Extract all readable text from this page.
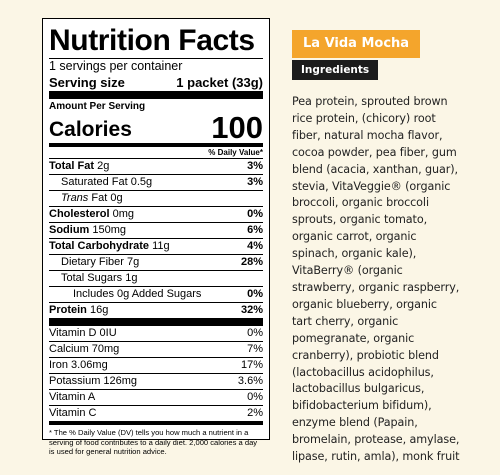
Nutrition Facts
1 servings per container
Serving size	1 packet (33g)
Amount Per Serving
Calories	100
% Daily Value*
Total Fat 2g	3%
Saturated Fat 0.5g	3%
Trans Fat 0g
Cholesterol 0mg	0%
Sodium 150mg	6%
Total Carbohydrate 11g	4%
Dietary Fiber 7g	28%
Total Sugars 1g
Includes 0g Added Sugars	0%
Protein 16g	32%
Vitamin D 0IU	0%
Calcium 70mg	7%
Iron 3.06mg	17%
Potassium 126mg	3.6%
Vitamin A	0%
Vitamin C	2%
* The % Daily Value (DV) tells you how much a nutrient in a serving of food contributes to a daily diet. 2,000 calories a day is used for general nutrition advice.
La Vida Mocha
Ingredients
Pea protein, sprouted brown rice protein, (chicory) root fiber, natural mocha flavor, cocoa powder, pea fiber, gum blend (acacia, xanthan, guar), stevia, VitaVeggie® (organic broccoli, organic broccoli sprouts, organic tomato, organic carrot, organic spinach, organic kale), VitaBerry® (organic strawberry, organic raspberry, organic blueberry, organic tart cherry, organic pomegranate, organic cranberry), probiotic blend (lactobacillus acidophilus, lactobacillus bulgaricus, bifidobacterium bifidum), enzyme blend (Papain, bromelain, protease, amylase, lipase, rutin, amla), monk fruit
